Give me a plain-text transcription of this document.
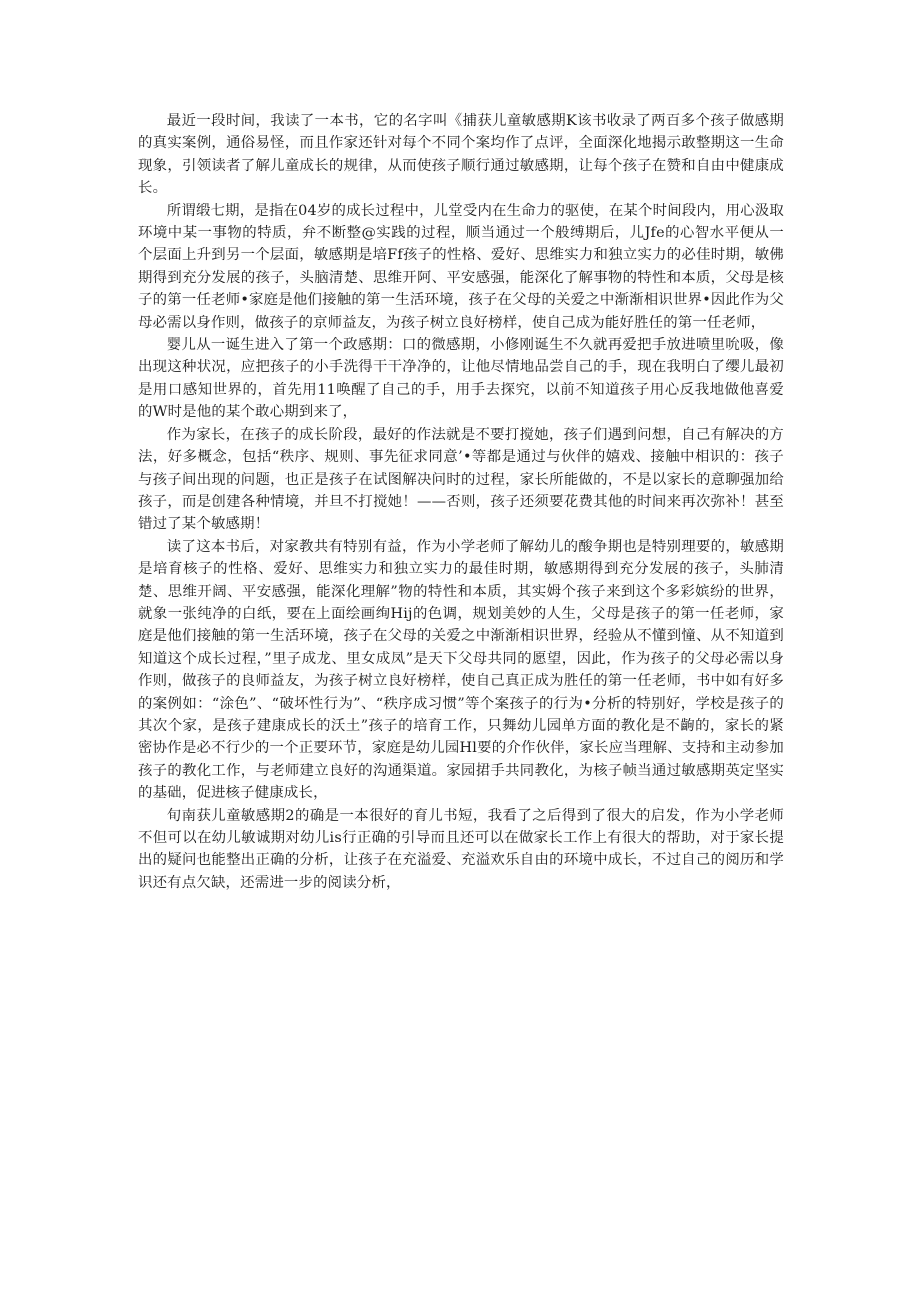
最近一段时间，我读了一本书，它的名字叫《捕获儿童敏感期K该书收录了两百多个孩子做感期的真实案例，通俗易怪，而且作家还针对每个不同个案均作了点评，全面深化地揭示敢整期这一生命现象，引领读者了解儿童成长的规律，从而使孩子顺行通过敏感期，让每个孩子在赞和自由中健康成长。

所谓缎七期，是指在04岁的成长过程中，儿堂受内在生命力的驱使，在某个时间段内，用心汲取环境中某一事物的特质，弁不断整@实践的过程，顺当通过一个般缚期后，儿Jfe的心智水平便从一个层面上升到另一个层面，敏感期是培Ff孩子的性格、爱好、思维实力和独立实力的必佳时期，敏佛期得到充分发展的孩子，头脑清楚、思维开阿、平安感强，能深化了解事物的特性和本质，父母是核子的第一任老师•家庭是他们接触的第一生活环境，孩子在父母的关爱之中渐渐相识世界•因此作为父母必需以身作则，做孩子的京师益友，为孩子树立良好榜样，使自己成为能好胜任的第一任老师，

婴儿从一诞生进入了第一个政感期：口的微感期，小修刚诞生不久就再爱把手放进喷里吮吸，像出现这种状况，应把孩子的小手洗得干干净净的，让他尽情地品尝自己的手，现在我明白了缨儿最初是用口感知世界的，首先用11唤醒了自己的手，用手去探究，以前不知道孩子用心反我地做他喜爱的W时是他的某个敢心期到来了，

作为家长，在孩子的成长阶段，最好的作法就是不要打搅她，孩子们遇到问想，自己有解决的方法，好多概念，包括“秩序、规则、事先征求同意’•等都是通过与伙伴的嬉戏、接触中相识的：孩子与孩子间出现的问题，也正是孩子在试图解决问时的过程，家长所能做的，不是以家长的意聊强加给孩子，而是创建各种情境，并旦不打搅她！——否则，孩子还须要花费其他的时间来再次弥补！甚至错过了某个敏感期！

读了这本书后，对家教共有特别有益，作为小学老师了解幼儿的酸争期也是特别理要的，敏感期是培育核子的性格、爱好、思维实力和独立实力的最佳时期，敏感期得到充分发展的孩子，头肺清楚、思维开阔、平安感强，能深化理解”物的特性和本质，其实姆个孩子来到这个多彩嫔纷的世界，就象一张纯净的白纸，要在上面绘画绚Hij的色调，规划美妙的人生，父母是孩子的第一任老师，家庭是他们接触的第一生活环境，孩子在父母的关爱之中渐渐相识世界，经验从不懂到憧、从不知道到知道这个成长过程，”里子成龙、里女成凤”是天下父母共同的愿望，因此，作为孩子的父母必需以身作则，做孩子的良师益友，为孩子树立良好榜样，使自己真正成为胜任的第一任老师，书中如有好多的案例如：“涂色”、“破坏性行为”、“秩序成习惯”等个案孩子的行为•分析的特别好，学校是孩子的其次个家，是孩子建康成长的沃土”孩子的培育工作，只舞幼儿园单方面的教化是不齣的，家长的紧密协作是必不行少的一个正要环节，家庭是幼儿园Hl要的介作伙伴，家长应当理解、支持和主动参加孩子的教化工作，与老师建立良好的沟通渠道。家园捃手共同教化，为核子帧当通过敏感期英定坚实的基础，促进核子健康成长，

旬南获儿童敏感期2的确是一本很好的育儿书短，我看了之后得到了很大的启发，作为小学老师不但可以在幼儿敏诚期对幼儿is行正确的引导而且还可以在做家长工作上有很大的帮助，对于家长提出的疑问也能整出正确的分析，让孩子在充溢爱、充溢欢乐自由的环境中成长，不过自己的阅历和学识还有点欠缺，还需进一步的阅读分析，
